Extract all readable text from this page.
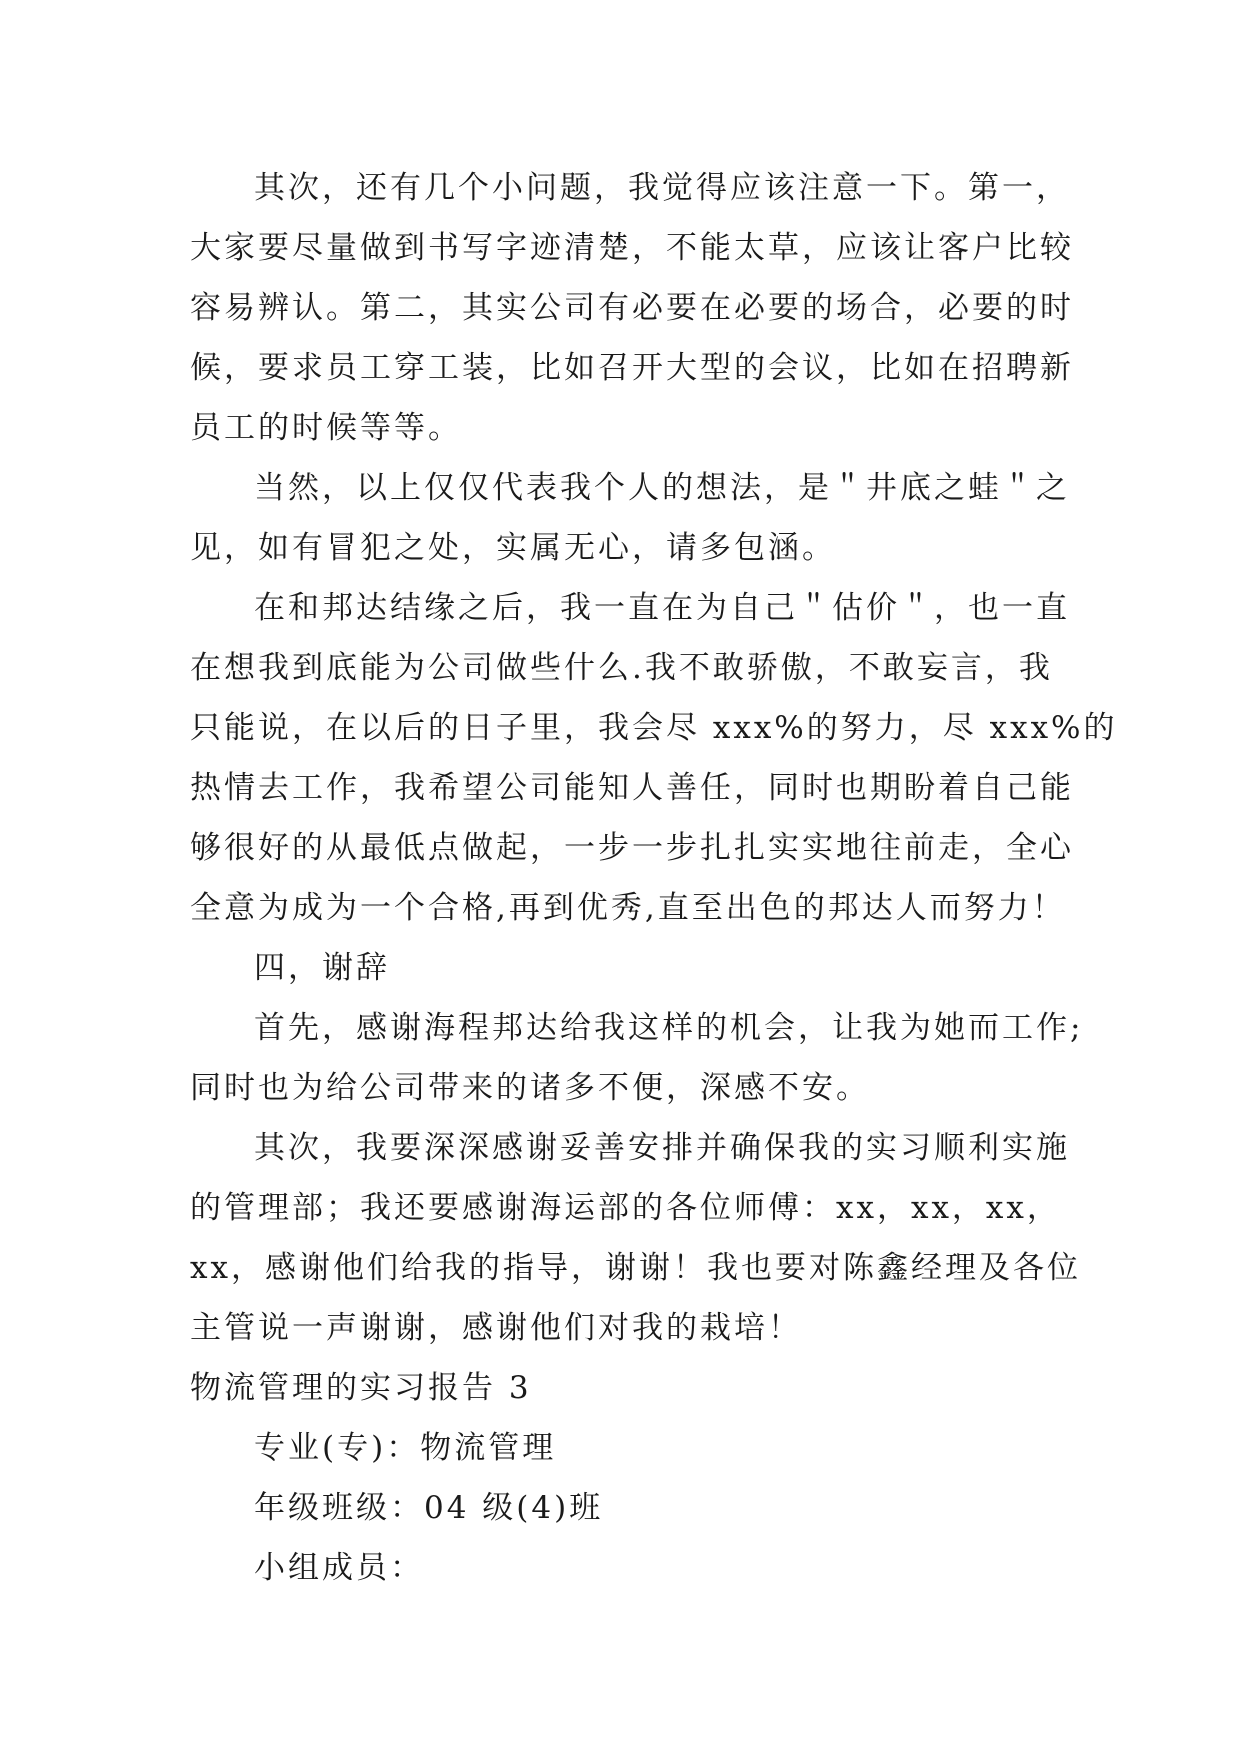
其次，还有几个小问题，我觉得应该注意一下。第一，
大家要尽量做到书写字迹清楚，不能太草，应该让客户比较
容易辨认。第二，其实公司有必要在必要的场合，必要的时
候，要求员工穿工装，比如召开大型的会议，比如在招聘新
员工的时候等等。
当然，以上仅仅代表我个人的想法，是＂井底之蛙＂之
见，如有冒犯之处，实属无心，请多包涵。
在和邦达结缘之后，我一直在为自己＂估价＂，也一直
在想我到底能为公司做些什么.我不敢骄傲，不敢妄言，我
只能说，在以后的日子里，我会尽 xxx%的努力，尽 xxx%的
热情去工作，我希望公司能知人善任，同时也期盼着自己能
够很好的从最低点做起，一步一步扎扎实实地往前走，全心
全意为成为一个合格,再到优秀,直至出色的邦达人而努力！
四，谢辞
首先，感谢海程邦达给我这样的机会，让我为她而工作;
同时也为给公司带来的诸多不便，深感不安。
其次，我要深深感谢妥善安排并确保我的实习顺利实施
的管理部；我还要感谢海运部的各位师傅：xx，xx，xx，
xx，感谢他们给我的指导，谢谢！我也要对陈鑫经理及各位
主管说一声谢谢，感谢他们对我的栽培！
物流管理的实习报告 3
专业(专)：物流管理
年级班级：04 级(4)班
小组成员：
